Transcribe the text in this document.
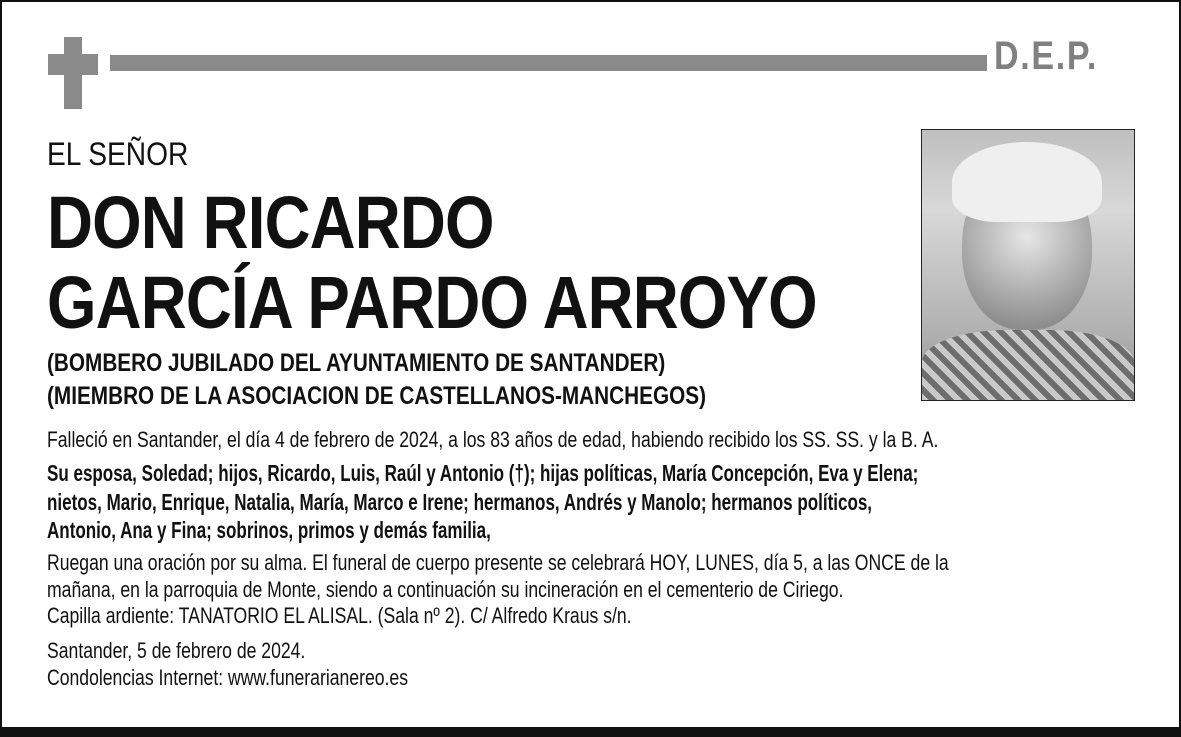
D.E.P.
EL SEÑOR
DON RICARDO
GARCÍA PARDO ARROYO
(BOMBERO JUBILADO DEL AYUNTAMIENTO DE SANTANDER)
(MIEMBRO DE LA ASOCIACION DE CASTELLANOS-MANCHEGOS)
Falleció en Santander, el día 4 de febrero de 2024, a los 83 años de edad, habiendo recibido los SS. SS. y la B. A.
Su esposa, Soledad; hijos, Ricardo, Luis, Raúl y Antonio (†); hijas políticas, María Concepción, Eva y Elena;
nietos, Mario, Enrique, Natalia, María, Marco e Irene; hermanos, Andrés y Manolo; hermanos políticos,
Antonio, Ana y Fina; sobrinos, primos y demás familia,
Ruegan una oración por su alma. El funeral de cuerpo presente se celebrará HOY, LUNES, día 5, a las ONCE de la
mañana, en la parroquia de Monte, siendo a continuación su incineración en el cementerio de Ciriego.
Capilla ardiente: TANATORIO EL ALISAL. (Sala nº 2). C/ Alfredo Kraus s/n.
Santander, 5 de febrero de 2024.
Condolencias Internet: www.funerarianereo.es
